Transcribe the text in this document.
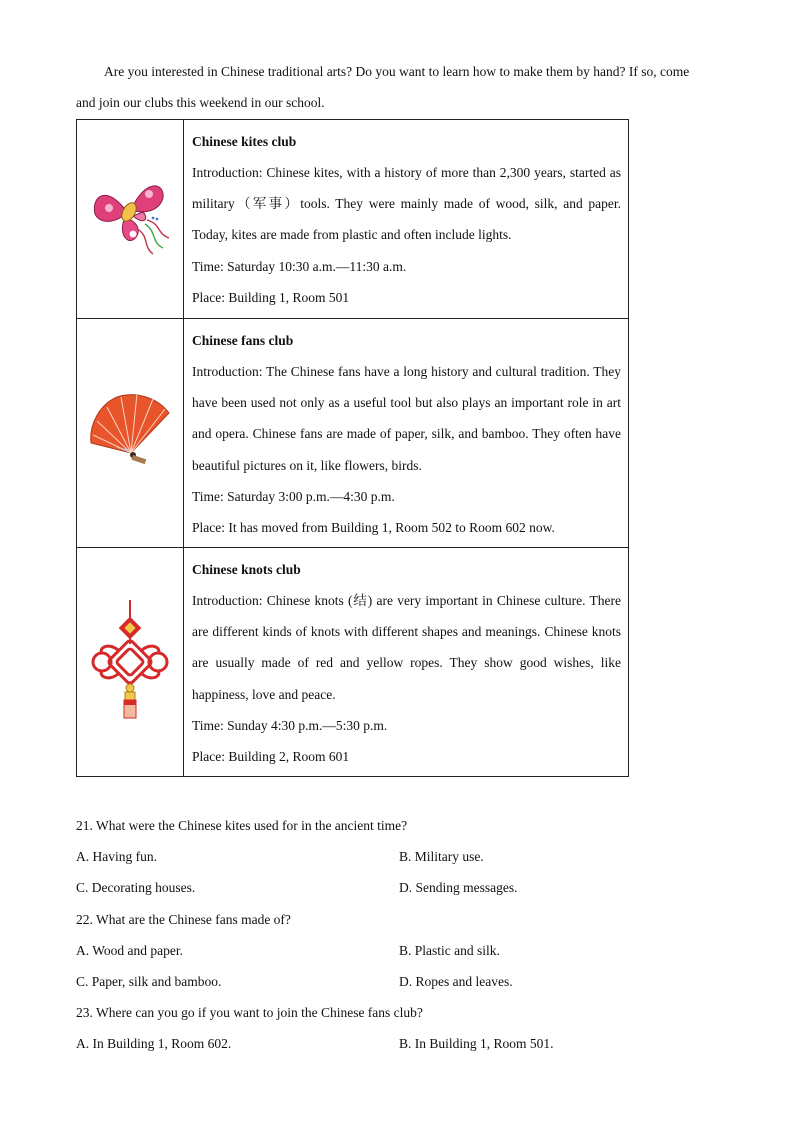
Are you interested in Chinese traditional arts? Do you want to learn how to make them by hand? If so, come
and join our clubs this weekend in our school.

Chinese kites club

Introduction: Chinese kites, with a history of more than 2,300 years, started as military（军事）tools. They were mainly made of wood, silk, and paper. Today, kites are made from plastic and often include lights.

Time: Saturday 10:30 a.m.—11:30 a.m.
Place: Building 1, Room 501

Chinese fans club

Introduction: The Chinese fans have a long history and cultural tradition. They have been used not only as a useful tool but also plays an important role in art and opera. Chinese fans are made of paper, silk, and bamboo. They often have beautiful pictures on it, like flowers, birds.

Time: Saturday 3:00 p.m.—4:30 p.m.
Place: It has moved from Building 1, Room 502 to Room 602 now.

Chinese knots club

Introduction: Chinese knots (结) are very important in Chinese culture. There are different kinds of knots with different shapes and meanings. Chinese knots are usually made of red and yellow ropes. They show good wishes, like happiness, love and peace.

Time: Sunday 4:30 p.m.—5:30 p.m.
Place: Building 2, Room 601
21. What were the Chinese kites used for in the ancient time?
A. Having fun.	B. Military use.
C. Decorating houses.	D. Sending messages.
22. What are the Chinese fans made of?
A. Wood and paper.	B. Plastic and silk.
C. Paper, silk and bamboo.	D. Ropes and leaves.
23. Where can you go if you want to join the Chinese fans club?
A. In Building 1, Room 602.	B. In Building 1, Room 501.
